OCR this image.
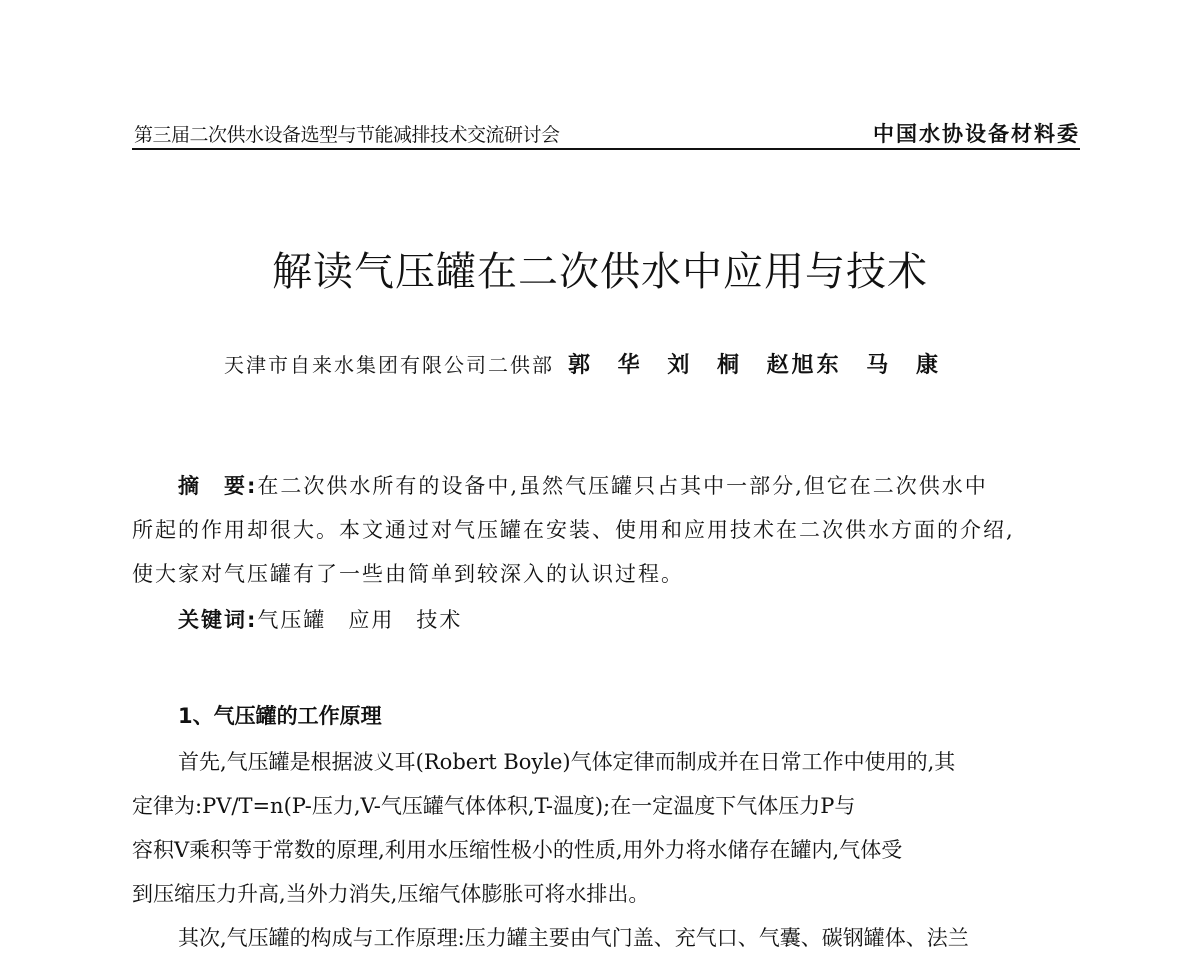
第三届二次供水设备选型与节能减排技术交流研讨会	中国水协设备材料委
解读气压罐在二次供水中应用与技术
天津市自来水集团有限公司二供部 郭 华 刘 桐 赵旭东 马 康
摘　要:在二次供水所有的设备中,虽然气压罐只占其中一部分,但它在二次供水中
所起的作用却很大。本文通过对气压罐在安装、使用和应用技术在二次供水方面的介绍,
使大家对气压罐有了一些由简单到较深入的认识过程。
关键词:气压罐 应用 技术
1、气压罐的工作原理
首先,气压罐是根据波义耳(Robert Boyle)气体定律而制成并在日常工作中使用的,其
定律为:PV/T=n(P-压力,V-气压罐气体体积,T-温度);在一定温度下气体压力P与
容积V乘积等于常数的原理,利用水压缩性极小的性质,用外力将水储存在罐内,气体受
到压缩压力升高,当外力消失,压缩气体膨胀可将水排出。
其次,气压罐的构成与工作原理:压力罐主要由气门盖、充气口、气囊、碳钢罐体、法兰
